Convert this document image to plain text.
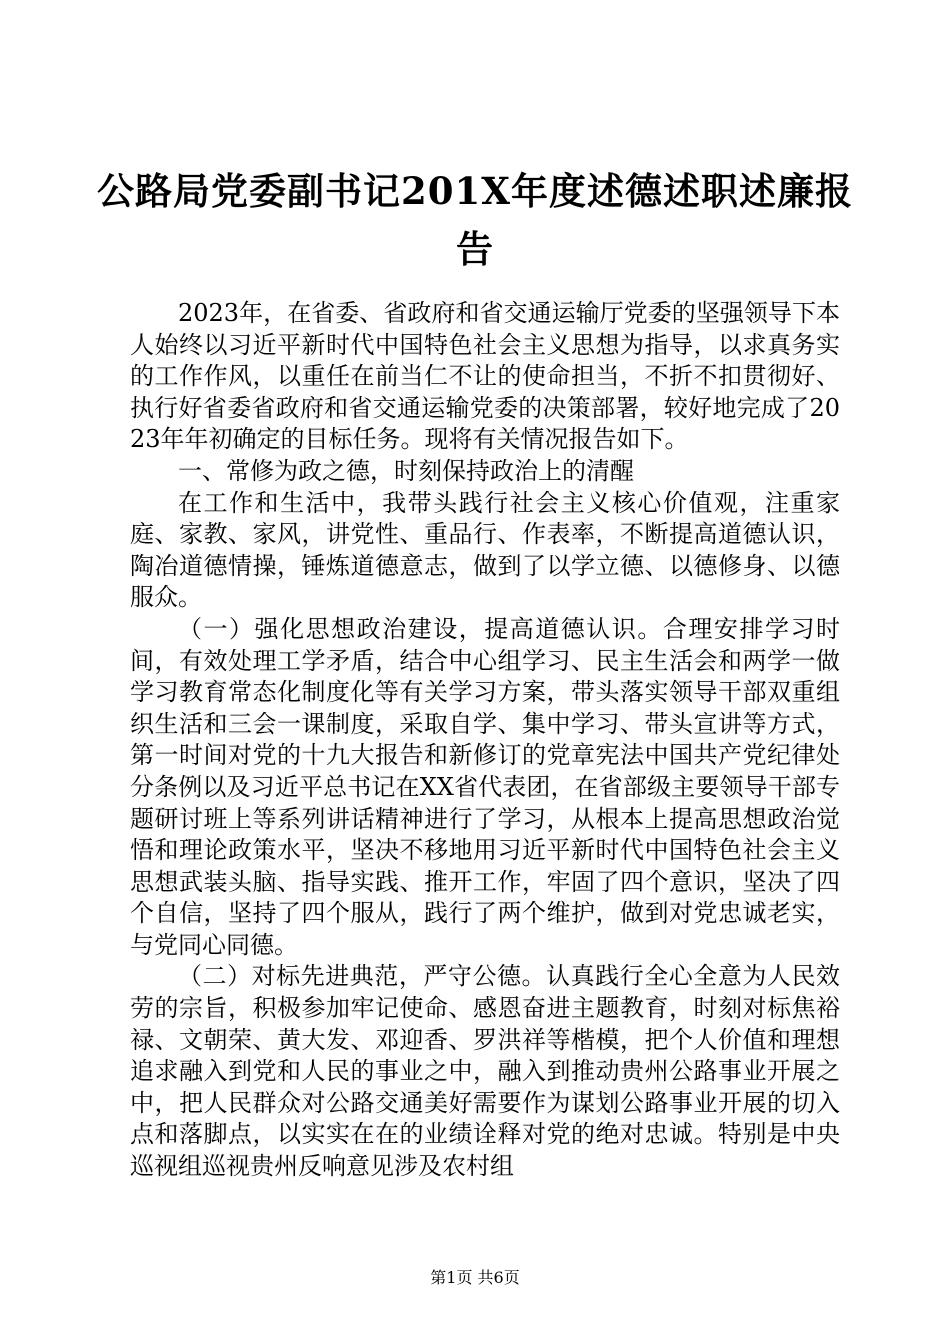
公路局党委副书记201X年度述德述职述廉报
告

2023年，在省委、省政府和省交通运输厅党委的坚强领导下本人始终以习近平新时代中国特色社会主义思想为指导，以求真务实的工作作风，以重任在前当仁不让的使命担当，不折不扣贯彻好、执行好省委省政府和省交通运输党委的决策部署，较好地完成了2023年年初确定的目标任务。现将有关情况报告如下。

一、常修为政之德，时刻保持政治上的清醒

在工作和生活中，我带头践行社会主义核心价值观，注重家庭、家教、家风，讲党性、重品行、作表率，不断提高道德认识，陶冶道德情操，锤炼道德意志，做到了以学立德、以德修身、以德服众。

（一）强化思想政治建设，提高道德认识。合理安排学习时间，有效处理工学矛盾，结合中心组学习、民主生活会和两学一做学习教育常态化制度化等有关学习方案，带头落实领导干部双重组织生活和三会一课制度，采取自学、集中学习、带头宣讲等方式，第一时间对党的十九大报告和新修订的党章宪法中国共产党纪律处分条例以及习近平总书记在XX省代表团，在省部级主要领导干部专题研讨班上等系列讲话精神进行了学习，从根本上提高思想政治觉悟和理论政策水平，坚决不移地用习近平新时代中国特色社会主义思想武装头脑、指导实践、推开工作，牢固了四个意识，坚决了四个自信，坚持了四个服从，践行了两个维护，做到对党忠诚老实，与党同心同德。

（二）对标先进典范，严守公德。认真践行全心全意为人民效劳的宗旨，积极参加牢记使命、感恩奋进主题教育，时刻对标焦裕禄、文朝荣、黄大发、邓迎香、罗洪祥等楷模，把个人价值和理想追求融入到党和人民的事业之中，融入到推动贵州公路事业开展之中，把人民群众对公路交通美好需要作为谋划公路事业开展的切入点和落脚点，以实实在在的业绩诠释对党的绝对忠诚。特别是中央巡视组巡视贵州反响意见涉及农村组

第1页 共6页
